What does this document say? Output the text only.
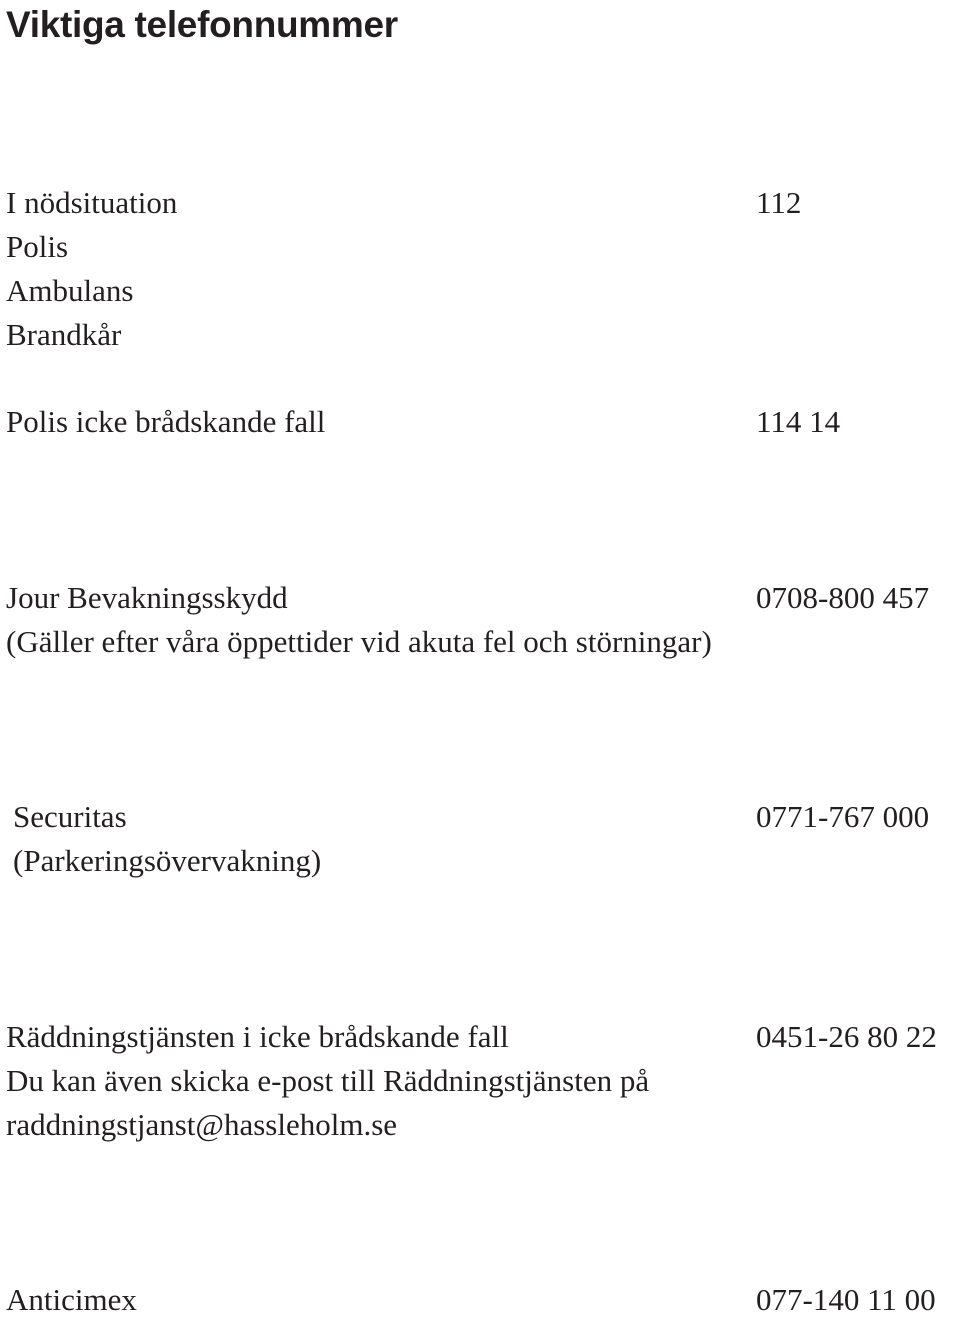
Viktiga telefonnummer
I nödsituation	112
Polis
Ambulans
Brandkår
Polis icke brådskande fall	114 14
Jour Bevakningsskydd	0708-800 457
(Gäller efter våra öppettider vid akuta fel och störningar)
Securitas	0771-767 000
(Parkeringsövervakning)
Räddningstjänsten i icke brådskande fall	0451-26 80 22
Du kan även skicka e-post till Räddningstjänsten på
raddningstjanst@hassleholm.se
Anticimex	077-140 11 00
